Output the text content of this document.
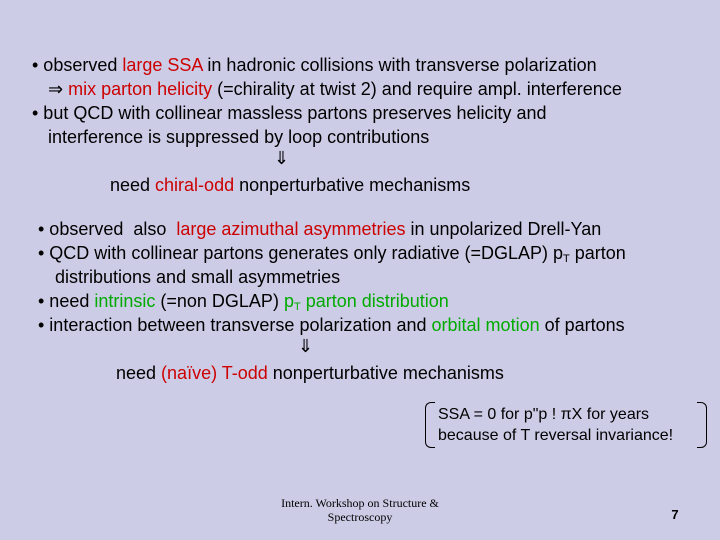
• observed large SSA in hadronic collisions with transverse polarization
⇒ mix parton helicity (=chirality at twist 2) and require ampl. interference
• but QCD with collinear massless partons preserves helicity and
interference is suppressed by loop contributions
⇓
need chiral-odd nonperturbative mechanisms
• observed  also  large azimuthal asymmetries in unpolarized Drell-Yan
• QCD with collinear partons generates only radiative (=DGLAP) $p_T$ parton
distributions and small asymmetries
• need intrinsic (=non DGLAP) $p_T$ parton distribution
• interaction between transverse polarization and orbital motion of partons
⇓
need (naïve) T-odd nonperturbative mechanisms
SSA = 0 for p"p ! πX for years
because of T reversal invariance!
Intern. Workshop on Structure &
Spectroscopy	7
